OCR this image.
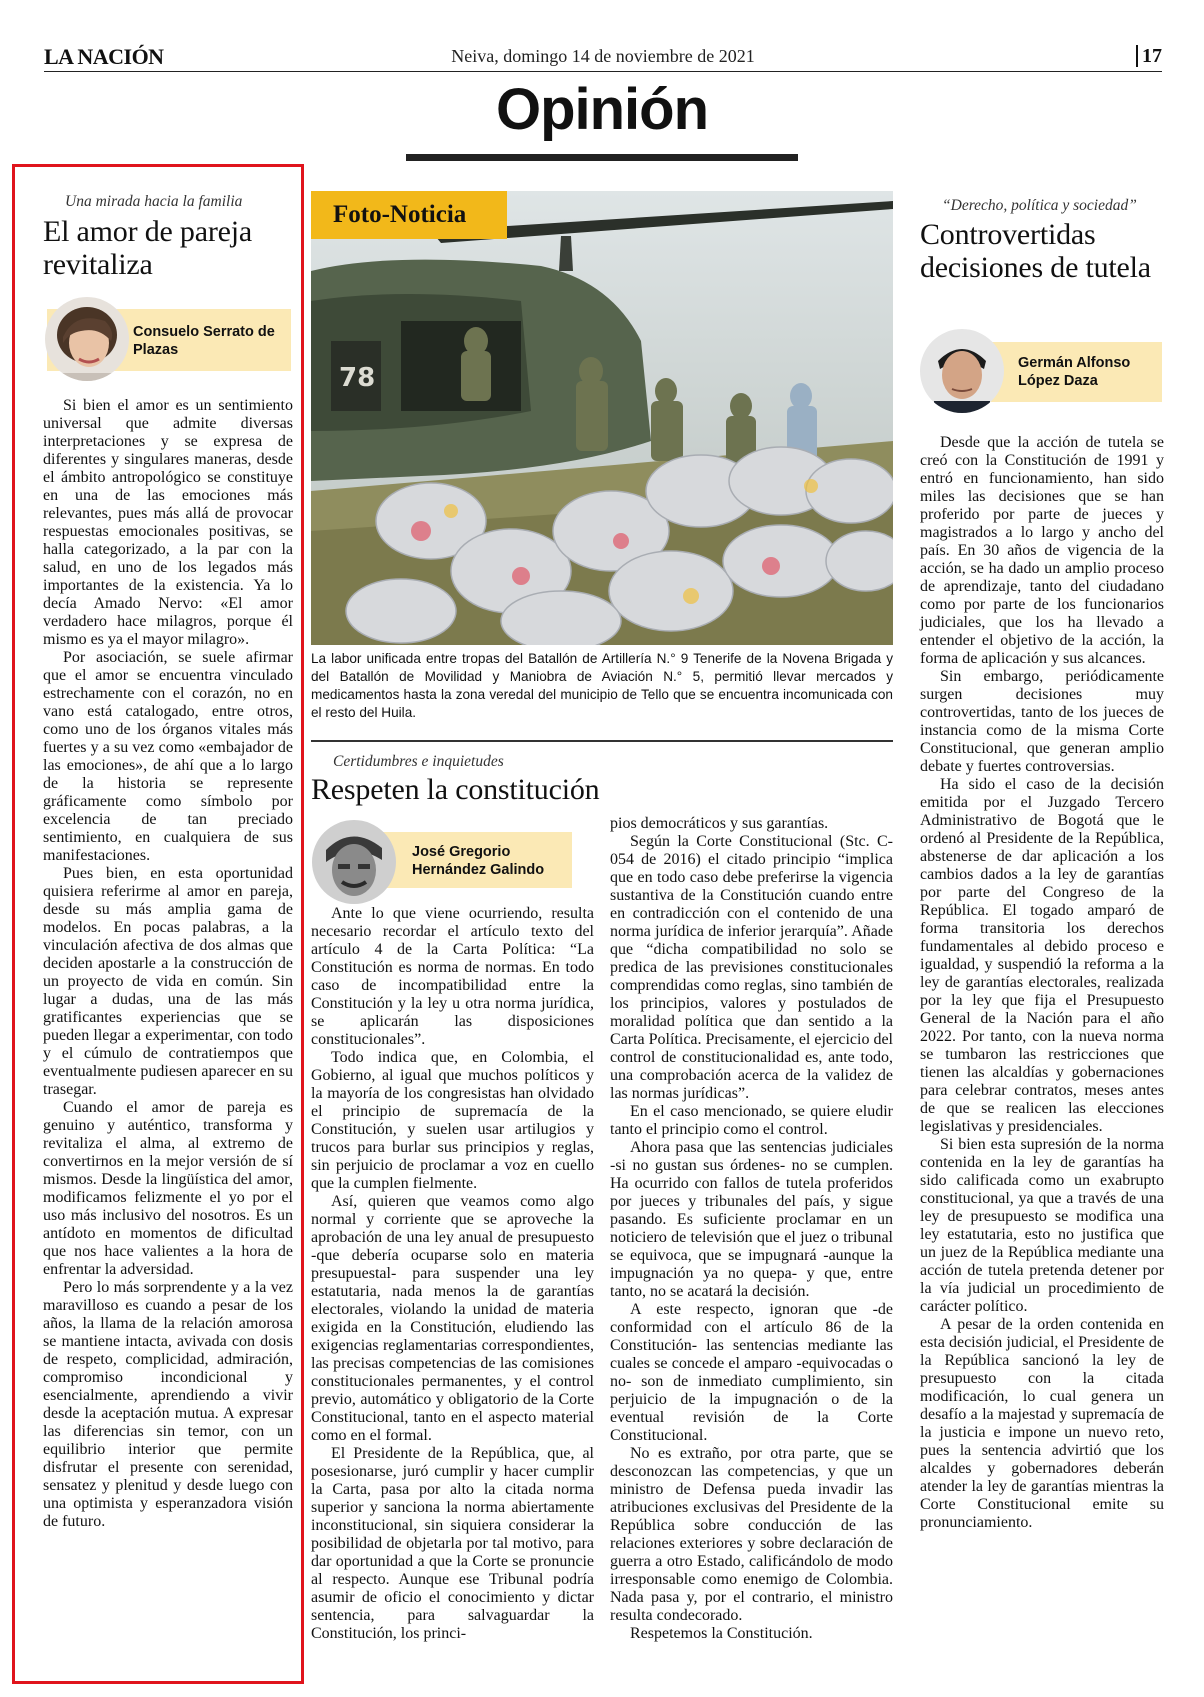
LA NACIÓN	Neiva, domingo 14 de noviembre de 2021	17
Opinión
Una mirada hacia la familia
El amor de pareja revitaliza
Consuelo Serrato de Plazas

Si bien el amor es un sentimiento universal que admite diversas interpretaciones y se expresa de diferentes y singulares maneras, desde el ámbito antropológico se constituye en una de las emociones más relevantes, pues más allá de provocar respuestas emocionales positivas, se halla categorizado, a la par con la salud, en uno de los legados más importantes de la existencia. Ya lo decía Amado Nervo: «El amor verdadero hace milagros, porque él mismo es ya el mayor milagro».

Por asociación, se suele afirmar que el amor se encuentra vinculado estrechamente con el corazón, no en vano está catalogado, entre otros, como uno de los órganos vitales más fuertes y a su vez como «embajador de las emociones», de ahí que a lo largo de la historia se represente gráficamente como símbolo por excelencia de tan preciado sentimiento, en cualquiera de sus manifestaciones.

Pues bien, en esta oportunidad quisiera referirme al amor en pareja, desde su más amplia gama de modelos. En pocas palabras, a la vinculación afectiva de dos almas que deciden apostarle a la construcción de un proyecto de vida en común. Sin lugar a dudas, una de las más gratificantes experiencias que se pueden llegar a experimentar, con todo y el cúmulo de contratiempos que eventualmente pudiesen aparecer en su trasegar.

Cuando el amor de pareja es genuino y auténtico, transforma y revitaliza el alma, al extremo de convertirnos en la mejor versión de sí mismos. Desde la lingüística del amor, modificamos felizmente el yo por el uso más inclusivo del nosotros. Es un antídoto en momentos de dificultad que nos hace valientes a la hora de enfrentar la adversidad.

Pero lo más sorprendente y a la vez maravilloso es cuando a pesar de los años, la llama de la relación amorosa se mantiene intacta, avivada con dosis de respeto, complicidad, admiración, compromiso incondicional y esencialmente, aprendiendo a vivir desde la aceptación mutua. A expresar las diferencias sin temor, con un equilibrio interior que permite disfrutar el presente con serenidad, sensatez y plenitud y desde luego con una optimista y esperanzadora visión de futuro.

78
Foto-Noticia
La labor unificada entre tropas del Batallón de Artillería N.° 9 Tenerife de la Novena Brigada y del Batallón de Movilidad y Maniobra de Aviación N.° 5, permitió llevar mercados y medicamentos hasta la zona veredal del municipio de Tello que se encuentra incomunicada con el resto del Huila.
Certidumbres e inquietudes
Respeten la constitución
José Gregorio Hernández Galindo

Ante lo que viene ocurriendo, resulta necesario recordar el artículo texto del artículo 4 de la Carta Política: “La Constitución es norma de normas. En todo caso de incompatibilidad entre la Constitución y la ley u otra norma jurídica, se aplicarán las disposiciones constitucionales”.

Todo indica que, en Colombia, el Gobierno, al igual que muchos políticos y la mayoría de los congresistas han olvidado el principio de supremacía de la Constitución, y suelen usar artilugios y trucos para burlar sus principios y reglas, sin perjuicio de proclamar a voz en cuello que la cumplen fielmente.

Así, quieren que veamos como algo normal y corriente que se aproveche la aprobación de una ley anual de presupuesto -que debería ocuparse solo en materia presupuestal- para suspender una ley estatutaria, nada menos la de garantías electorales, violando la unidad de materia exigida en la Constitución, eludiendo las exigencias reglamentarias correspondientes, las precisas competencias de las comisiones constitucionales permanentes, y el control previo, automático y obligatorio de la Corte Constitucional, tanto en el aspecto material como en el formal.

El Presidente de la República, que, al posesionarse, juró cumplir y hacer cumplir la Carta, pasa por alto la citada norma superior y sanciona la norma abiertamente inconstitucional, sin siquiera considerar la posibilidad de objetarla por tal motivo, para dar oportunidad a que la Corte se pronuncie al respecto. Aunque ese Tribunal podría asumir de oficio el conocimiento y dictar sentencia, para salvaguardar la Constitución, los princi-

pios democráticos y sus garantías.

Según la Corte Constitucional (Stc. C-054 de 2016) el citado principio “implica que en todo caso debe preferirse la vigencia sustantiva de la Constitución cuando entre en contradicción con el contenido de una norma jurídica de inferior jerarquía”. Añade que “dicha compatibilidad no solo se predica de las previsiones constitucionales comprendidas como reglas, sino también de los principios, valores y postulados de moralidad política que dan sentido a la Carta Política. Precisamente, el ejercicio del control de constitucionalidad es, ante todo, una comprobación acerca de la validez de las normas jurídicas”.

En el caso mencionado, se quiere eludir tanto el principio como el control.

Ahora pasa que las sentencias judiciales -si no gustan sus órdenes- no se cumplen. Ha ocurrido con fallos de tutela proferidos por jueces y tribunales del país, y sigue pasando. Es suficiente proclamar en un noticiero de televisión que el juez o tribunal se equivoca, que se impugnará -aunque la impugnación ya no quepa- y que, entre tanto, no se acatará la decisión.

A este respecto, ignoran que -de conformidad con el artículo 86 de la Constitución- las sentencias mediante las cuales se concede el amparo -equivocadas o no- son de inmediato cumplimiento, sin perjuicio de la impugnación o de la eventual revisión de la Corte Constitucional.

No es extraño, por otra parte, que se desconozcan las competencias, y que un ministro de Defensa pueda invadir las atribuciones exclusivas del Presidente de la República sobre conducción de las relaciones exteriores y sobre declaración de guerra a otro Estado, calificándolo de modo irresponsable como enemigo de Colombia. Nada pasa y, por el contrario, el ministro resulta condecorado.

Respetemos la Constitución.

“Derecho, política y sociedad”
Controvertidas decisiones de tutela
Germán Alfonso López Daza

Desde que la acción de tutela se creó con la Constitución de 1991 y entró en funcionamiento, han sido miles las decisiones que se han proferido por parte de jueces y magistrados a lo largo y ancho del país. En 30 años de vigencia de la acción, se ha dado un amplio proceso de aprendizaje, tanto del ciudadano como por parte de los funcionarios judiciales, que los ha llevado a entender el objetivo de la acción, la forma de aplicación y sus alcances.

Sin embargo, periódicamente surgen decisiones muy controvertidas, tanto de los jueces de instancia como de la misma Corte Constitucional, que generan amplio debate y fuertes controversias.

Ha sido el caso de la decisión emitida por el Juzgado Tercero Administrativo de Bogotá que le ordenó al Presidente de la República, abstenerse de dar aplicación a los cambios dados a la ley de garantías por parte del Congreso de la República. El togado amparó de forma transitoria los derechos fundamentales al debido proceso e igualdad, y suspendió la reforma a la ley de garantías electorales, realizada por la ley que fija el Presupuesto General de la Nación para el año 2022. Por tanto, con la nueva norma se tumbaron las restricciones que tienen las alcaldías y gobernaciones para celebrar contratos, meses antes de que se realicen las elecciones legislativas y presidenciales.

Si bien esta supresión de la norma contenida en la ley de garantías ha sido calificada como un exabrupto constitucional, ya que a través de una ley de presupuesto se modifica una ley estatutaria, esto no justifica que un juez de la República mediante una acción de tutela pretenda detener por la vía judicial un procedimiento de carácter político.

A pesar de la orden contenida en esta decisión judicial, el Presidente de la República sancionó la ley de presupuesto con la citada modificación, lo cual genera un desafío a la majestad y supremacía de la justicia e impone un nuevo reto, pues la sentencia advirtió que los alcaldes y gobernadores deberán atender la ley de garantías mientras la Corte Constitucional emite su pronunciamiento.
